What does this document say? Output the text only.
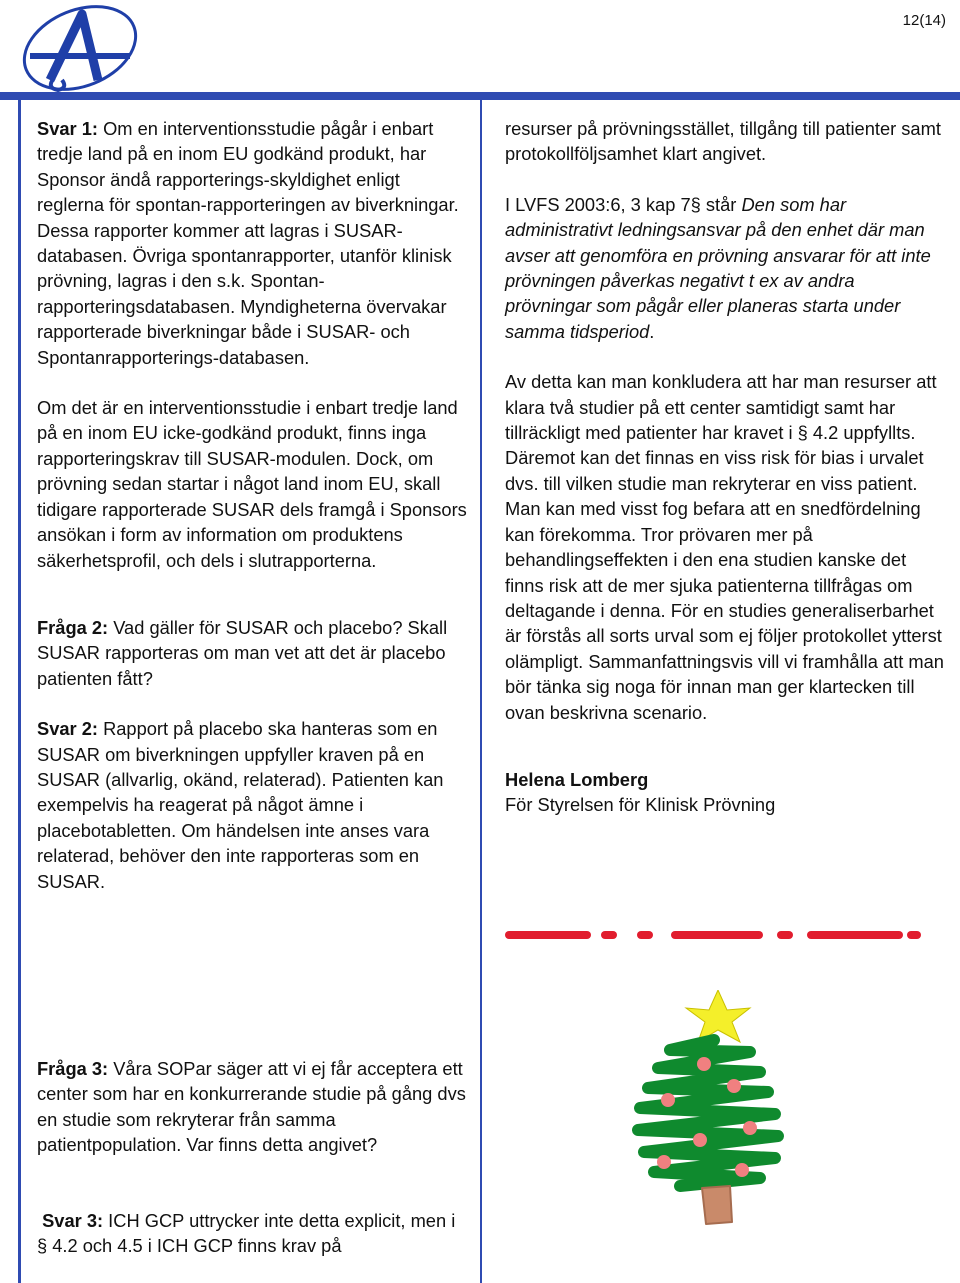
12(14)

Svar 1: Om en interventionsstudie pågår i enbart tredje land på en inom EU godkänd produkt, har Sponsor ändå rapporterings-skyldighet enligt reglerna för spontan-rapporteringen av biverkningar. Dessa rapporter kommer att lagras i SUSAR-databasen. Övriga spontanrapporter, utanför klinisk prövning, lagras i den s.k. Spontan-rapporteringsdatabasen. Myndigheterna övervakar rapporterade biverkningar både i SUSAR- och Spontanrapporterings-databasen.

Om det är en interventionsstudie i enbart tredje land på en inom EU icke-godkänd produkt, finns inga rapporteringskrav till SUSAR-modulen. Dock, om prövning sedan startar i något land inom EU, skall tidigare rapporterade SUSAR dels framgå i Sponsors ansökan i form av information om produktens säkerhetsprofil, och dels i slutrapporterna.

Fråga 2: Vad gäller för SUSAR och placebo? Skall SUSAR rapporteras om man vet att det är placebo patienten fått?

Svar 2: Rapport på placebo ska hanteras som en SUSAR om biverkningen uppfyller kraven på en SUSAR (allvarlig, okänd, relaterad). Patienten kan exempelvis ha reagerat på något ämne i placebotabletten. Om händelsen inte anses vara relaterad, behöver den inte rapporteras som en SUSAR.

Fråga 3: Våra SOPar säger att vi ej får acceptera ett center som har en konkurrerande studie på gång dvs en studie som rekryterar från samma patientpopulation. Var finns detta angivet?

Svar 3: ICH GCP uttrycker inte detta explicit, men i § 4.2 och 4.5 i ICH GCP finns krav på

resurser på prövningsstället, tillgång till patienter samt protokollföljsamhet klart angivet.

I LVFS 2003:6, 3 kap 7§ står Den som har administrativt ledningsansvar på den enhet där man avser att genomföra en prövning ansvarar för att inte prövningen påverkas negativt t ex av andra prövningar som pågår eller planeras starta under samma tidsperiod.

Av detta kan man konkludera att har man resurser att klara två studier på ett center samtidigt samt har tillräckligt med patienter har kravet i § 4.2 uppfyllts. Däremot kan det finnas en viss risk för bias i urvalet dvs. till vilken studie man rekryterar en viss patient. Man kan med visst fog befara att en snedfördelning kan förekomma. Tror prövaren mer på behandlingseffekten i den ena studien kanske det finns risk att de mer sjuka patienterna tillfrågas om deltagande i denna. För en studies generaliserbarhet är förstås all sorts urval som ej följer protokollet ytterst olämpligt. Sammanfattningsvis vill vi framhålla att man bör tänka sig noga för innan man ger klartecken till ovan beskrivna scenario.

Helena Lomberg

För Styrelsen för Klinisk Prövning
